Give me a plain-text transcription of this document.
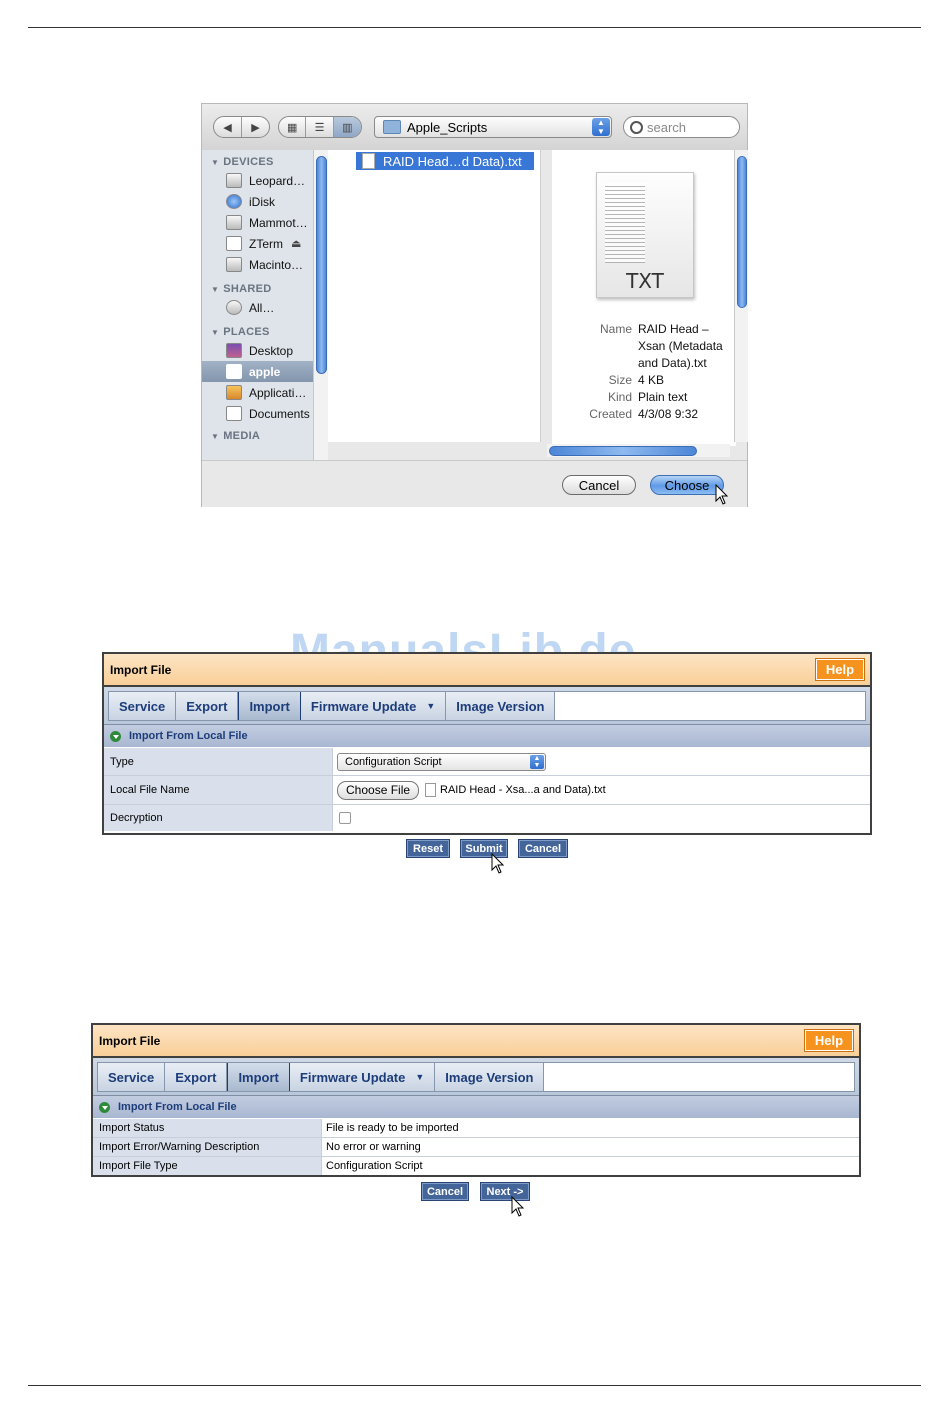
◀	▶	▦	☰	▥	Apple_Scripts	▲
▼	search
▼ DEVICES
Leopard…
iDisk
Mammot…
ZTerm ⏏
Macinto…
▼ SHARED
All…
▼ PLACES
Desktop
apple
Applicati…
Documents
▼ MEDIA
RAID Head…d Data).txt
TXT
Name RAID Head – Xsan (Metadata and Data).txt
Size 4 KB
Kind Plain text
Created 4/3/08 9:32
Cancel	Choose
Import File	Help
Service	Export	Import	Firmware Update ▼	Image Version
Import From Local File
Type	Configuration Script	▲
▼
Local File Name	Choose File	RAID Head - Xsa...a and Data).txt
Decryption
Reset	Submit	Cancel
Import File	Help
Service	Export	Import	Firmware Update ▼	Image Version
Import From Local File
Import Status	File is ready to be imported
Import Error/Warning Description	No error or warning
Import File Type	Configuration Script
Cancel	Next ->
